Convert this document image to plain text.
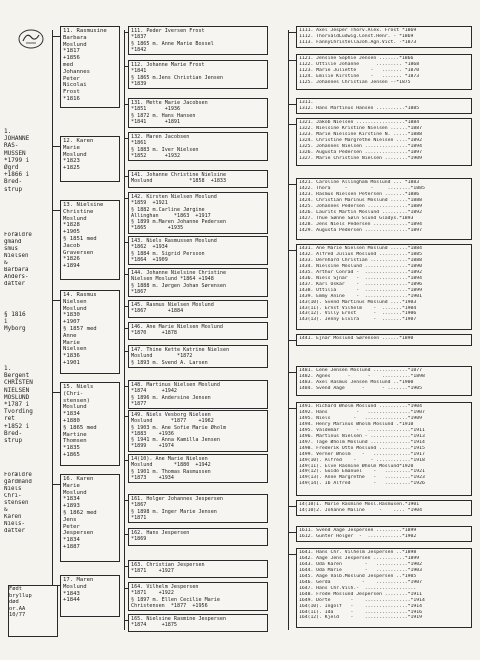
1.
JOHANNE
RAS-
MUSSEN
*1799 i
Øgrd
+1866 i
Bred-
strup
Forældre
gmand
smus
Nielsen
&
Barbara
Anders-
datter
§ 1816
i
Myborg
1.
Bergent
CHRISTEN
NIELSEN
MOSLUND
*1787 i
Tvording
ret
+1852 i
Bred-
strup
Forældre
gårdmand
Niels
Chri-
stensen
&
Karen
Niels-
datter
Født
bryllup
død
or.AA
10/77
11. Rasmusine
Barbara
Moslund
*1817
+1856
med
Johannes
Peter
Nicolai
Frost
*1816
12. Karen
Marie
Moslund
*1823
+1825
13. Nielsine
Christine
Moslund
*1828
+1905
§ 1851 med
Jacob
Graversen
*1826
+1894
14. Rasmus
Nielsen
Moslund
*1830
+1907
§ 1857 med
Anne
Marie
Nielsen
*1836
+1901
15. Niels
(Chri-
stensen)
Moslund
*1834
+1880
§ 1865 med
Martine
Thomsen
*1835
+1865
16. Karen
Marie
Moslund
*1834
+1893
§ 1862 med
Jens
Peter
Jespersen
*1834
+1887
17. Maren
Moslund
*1843
+1844
111. Peder Iversen Frost
*1837
§ 1865 m. Anne Marie Bossel
*1842
112. Johanne Marie Frost
*1841
§ 1865 m.Jens Christian Jensen
*1839
131. Mette Marie Jacobsen
*1851      +1936
§ 1872 m. Hans Hansen
*1841      +1891
132. Maren Jacobsen
*1861
§ 1883 m. Iver Nielsen
*1852      +1932
141. Johanne Christine Nielsine
Moslund            *1858  +1833
142. Kirsten Nielsen Moslund
*1859  +1921
§ 1882 m.Carline Jørgine
Allinghan     *1863  +1917
§ 1899 m.Maren Johanne Pedersen
*1865       +1935
143. Niels Rasmussen Moslund
*1862  +1934
§ 1884 m. Sigrid Persson
*1864  +1909
144. Johanne Nielsine Christine
Nielsen Moslund *1864 +1948
§ 1888 m. Jørgen Johan Sørensen
*1867
145. Rasmus Nielsen Moslund
*1867       +1884
146. Ane Marie Nielsen Moslund
*1870     +1878
147. Thine Kette Katrine Nielsen
Moslund        *1872
§ 1893 m. Svend A. Larsen
148. Martinus Nielsen Moslund
*1874     +1942
§ 1896 m. Andersine Jensen
*1877
149. Niels Vesborg Nielsen
Moslund      *1877    +1962
§ 1903 m. Ane Sofie Marie Øholm
*1883    +1936
§ 1941 m. Anna Kamilla Jensen
*1899    +1974
14(10). Ane Marie Nielsen
Moslund       *1880  +1942
§ 1901 m. Thomas Rasmussen
*1873    +1934
161. Holger Johannes Jespersen
*1867
§ 1898 m. Inger Marie Jensen
*1871
162. Hans Jespersen
*1869
163. Christian Jespersen
*1871    +1927
164. Vilhelm Jespersen
*1871    +1922
§ 1897 m. Ellen Cecilie Marie
Christensen  *1877  +1956
165. Nielsine Rasmine Jespersen
*1874     +1875
1111. Axel Jesper Thorv.Alex. Frost *1869
1112. ThorvaldLudwig.Const.Henr. - *1869
1113. FannyChristellaJoh.Agn.Vict. -*1873
1121. Jensine Sophie Jensen .......*1866
1122. Ottilie Johanne      ......... *1868
1123. Marie Juliette     -   ....... *1870
1124. Emilie Kirstine    -   ....... *1873
1125. Johannes Christian Jensen --*1875
1311.
1312. Hans Martinus Hansen ..........*1885
1321. Jakob Nielsen .................*1884
1322. Nielsine Kristine Nielsen ......*1887
1323. Marie Nielsine Kirstine N. .....*1888
1324. Christine Margrethe Nielsen ....*1892
1325. Johannes Nielsen ...............*1894
1326. Augusta Pedersen ...............*1897
1327. Marie Christine Nielsen ........*1909
1421. Caroline Allingham Moslund ... *1883
1422. Thora     -        -     ........*1885
1423. Rasmus Nielsen Petersen .......*1886
1424. Christian Marinus Moslund ......*1888
1425. Johannes Pedersen ..............*1889
1426. Laurits Martin Moslund .........*1892
1427. Thue Sønne Søln Slund Gladys.*1893
1428. Jens Niels Pedersen ............*1894
1429. Augusta Pedersen ...............*1897
1431. Ane Marie Nielsen Moslund ......*1884
1432. Alfred Julius Moslund ..........*1885
1433. Dernhard Christian .............*1888
1434. Nielsine Moslund ...............*1890
1435. Arthur Conrad -  ...............*1892
1436. Niels Sjnar   -  ...............*1894
1437. Karl Oskar    -  ...............*1896
1438. Ottilia       -  ...............*1899
1439. Emmy Anine    -  ...............*1901
143(10). Svend Martinus Moslund ....*1903
143(11). Ernst Vilhelm    -  .......*1904
143(12). Villy Ernst      -  .......*1906
143(13). Jenny Elvira     -  .......*1907
1441. Ejnar Moslund Sørensen ......*1890
1481. Lene Jensen Moslund ............*1877
1482. Agnes      -      -    ..........*1898
1483. Axel Rasmus Jensen Moslund ..*1900
1484. Svend Aage      -      - .......*1905
1491. Richard Øholm Moslund ..........*1904
1492. Hans          -   ...............*1907
1495. Niels        -   ...............*1909
1494. Henry Marinus Øholm Moslund .*1910
1495. Valdemar      -   ...............*1911
1496. Martinus Nielsen - ..............*1913
1497. Tage Øholm Moslund ..............*1914
1498. Frederik Otto Moslund ...........*1915
1499. Verner Øholm    -   .............*1917
149(10). Alfred    -     - ............*1918
149(11). Elve Rasmine Øholm Moslund*1920
149(12). Guido Emanuel    -   .........*1921
149(13). Anne Margrethe   -   .........*1923
149(14). Ib Alfred        -   .........*1926
14(10)1. Marie Rasmine Mosl.Rasmusen.*1901
14(10)2. Johanne Maline     -    .... *1904
1611. Svend Aage Jespersen .........*1899
1612. Gunter Holger  -  ............*1902
1641. Hans Chr. Vilhelm Jespersen ..*1898
1642. Aage Jens Jespersen ...........*1899
1643. Oda Karen        -   ...........*1902
1644. Oda Marie        -   ...........*1903
1645. Aage Valb.Moslund Jespersen ..*1905
1646. Gerda           -    ...........*1907
1647. Hans Chr.Vilh.-  ..................
1648. Frode Moslund Jespersen ........*1911
1649. Dorte       -    ................*1914
164(10). Ingolf   -    ...............*1914
164(11). Ida      -    ...............*1916
164(12). Kjeld    -    ...............*1919
